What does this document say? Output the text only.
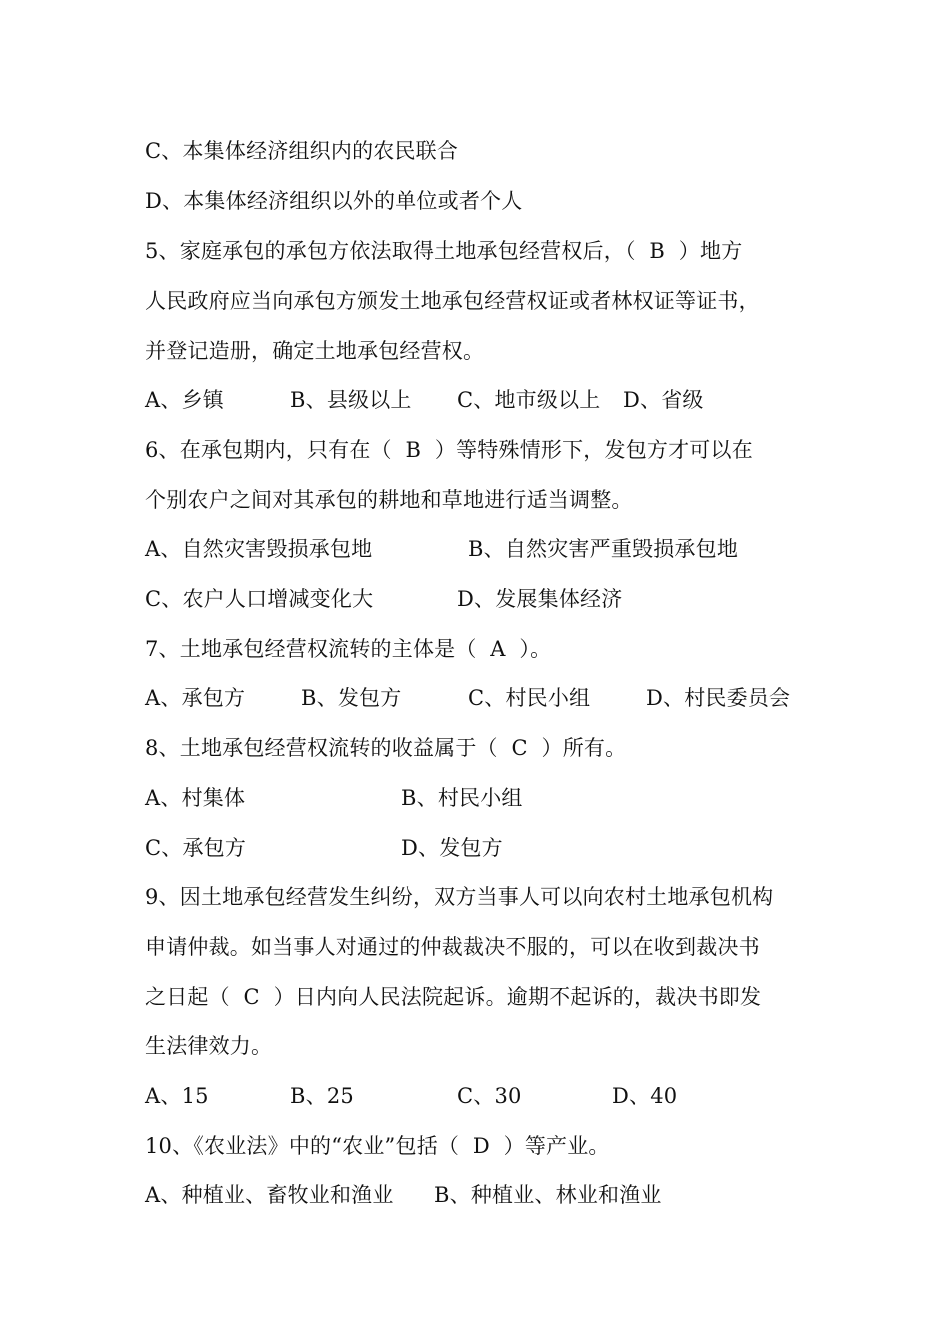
C、本集体经济组织内的农民联合
D、本集体经济组织以外的单位或者个人
5、家庭承包的承包方依法取得土地承包经营权后，（  B  ）地方
人民政府应当向承包方颁发土地承包经营权证或者林权证等证书，
并登记造册，确定土地承包经营权。

A、乡镇

	B、县级以上

C、地市级以上

D、省级

6、在承包期内，只有在（  B  ）等特殊情形下，发包方才可以在
个别农户之间对其承包的耕地和草地进行适当调整。

A、自然灾害毁损承包地

	B、自然灾害严重毁损承包地

C、农户人口增减变化大

	D、发展集体经济

7、土地承包经营权流转的主体是（  A  ）。

A、承包方

	B、发包方

	C、村民小组

	D、村民委员会

8、土地承包经营权流转的收益属于（  C  ）所有。

A、村集体

	B、村民小组

C、承包方

	D、发包方

9、因土地承包经营发生纠纷，双方当事人可以向农村土地承包机构
申请仲裁。如当事人对通过的仲裁裁决不服的，可以在收到裁决书
之日起（  C  ）日内向人民法院起诉。逾期不起诉的，裁决书即发
生法律效力。

A、15

	B、25

	C、30

	D、40

10、《农业法》中的“农业”包括（  D  ）等产业。

A、种植业、畜牧业和渔业

B、种植业、林业和渔业
